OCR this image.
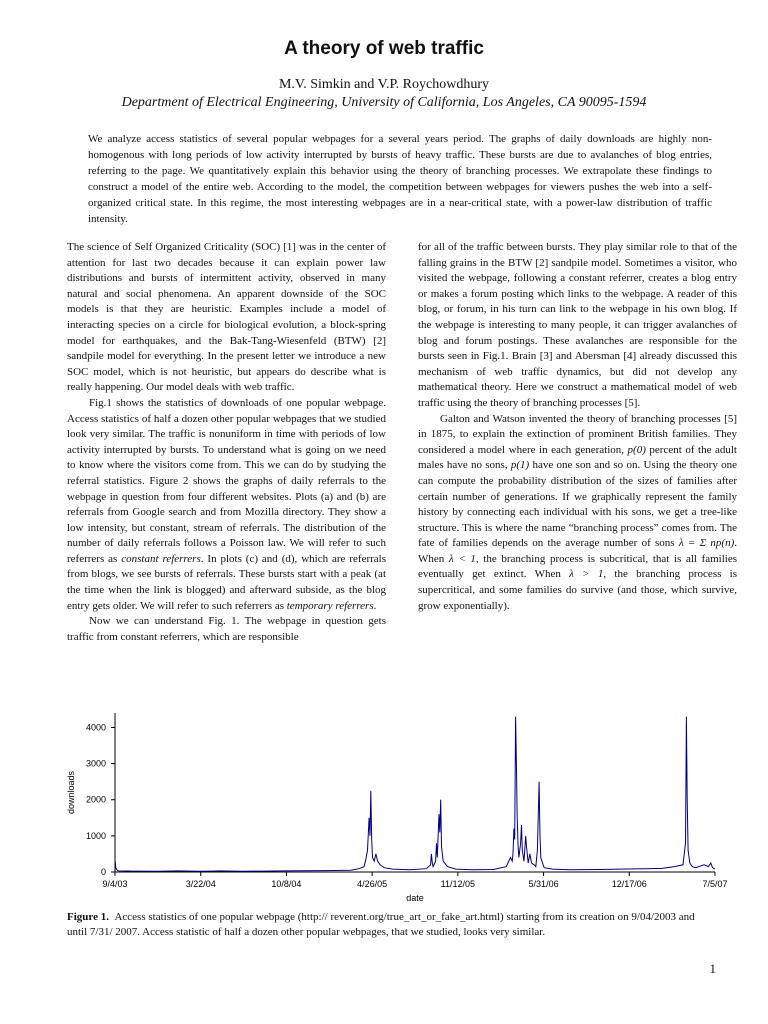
A theory of web traffic
M.V. Simkin and V.P. Roychowdhury
Department of Electrical Engineering, University of California, Los Angeles, CA 90095-1594

We analyze access statistics of several popular webpages for a several years period. The graphs of daily downloads are highly non-homogenous with long periods of low activity interrupted by bursts of heavy traffic. These bursts are due to avalanches of blog entries, referring to the page. We quantitatively explain this behavior using the theory of branching processes. We extrapolate these findings to construct a model of the entire web. According to the model, the competition between webpages for viewers pushes the web into a self-organized critical state. In this regime, the most interesting webpages are in a near-critical state, with a power-law distribution of traffic intensity.

The science of Self Organized Criticality (SOC) [1] was in the center of attention for last two decades because it can explain power law distributions and bursts of intermittent activity, observed in many natural and social phenomena. An apparent downside of the SOC models is that they are heuristic. Examples include a model of interacting species on a circle for biological evolution, a block-spring model for earthquakes, and the Bak-Tang-Wiesenfeld (BTW) [2] sandpile model for everything. In the present letter we introduce a new SOC model, which is not heuristic, but appears do describe what is really happening. Our model deals with web traffic.

Fig.1 shows the statistics of downloads of one popular webpage. Access statistics of half a dozen other popular webpages that we studied look very similar. The traffic is nonuniform in time with periods of low activity interrupted by bursts. To understand what is going on we need to know where the visitors come from. This we can do by studying the referral statistics. Figure 2 shows the graphs of daily referrals to the webpage in question from four different websites. Plots (a) and (b) are referrals from Google search and from Mozilla directory. They show a low intensity, but constant, stream of referrals. The distribution of the number of daily referrals follows a Poisson law. We will refer to such referrers as constant referrers. In plots (c) and (d), which are referrals from blogs, we see bursts of referrals. These bursts start with a peak (at the time when the link is blogged) and afterward subside, as the blog entry gets older. We will refer to such referrers as temporary referrers.

Now we can understand Fig. 1. The webpage in question gets traffic from constant referrers, which are responsible

for all of the traffic between bursts. They play similar role to that of the falling grains in the BTW [2] sandpile model. Sometimes a visitor, who visited the webpage, following a constant referrer, creates a blog entry or makes a forum posting which links to the webpage. A reader of this blog, or forum, in his turn can link to the webpage in his own blog. If the webpage is interesting to many people, it can trigger avalanches of blog and forum postings. These avalanches are responsible for the bursts seen in Fig.1. Brain [3] and Abersman [4] already discussed this mechanism of web traffic dynamics, but did not develop any mathematical theory. Here we construct a mathematical model of web traffic using the theory of branching processes [5].

Galton and Watson invented the theory of branching processes [5] in 1875, to explain the extinction of prominent British families. They considered a model where in each generation, p(0) percent of the adult males have no sons, p(1) have one son and so on. Using the theory one can compute the probability distribution of the sizes of families after certain number of generations. If we graphically represent the family history by connecting each individual with his sons, we get a tree-like structure. This is where the name “branching process” comes from. The fate of families depends on the average number of sons λ = Σ np(n). When λ < 1, the branching process is subcritical, that is all families eventually get extinct. When λ > 1, the branching process is supercritical, and some families do survive (and those, which survive, grow exponentially).

0
1000
2000
3000
4000
9/4/03	3/22/04	10/8/04	4/26/05	11/12/05	5/31/06	12/17/06	7/5/07
downloads
date
Figure 1. Access statistics of one popular webpage (http:// reverent.org/true_art_or_fake_art.html) starting from its creation on 9/04/2003 and until 7/31/ 2007. Access statistic of half a dozen other popular webpages, that we studied, looks very similar.
1
